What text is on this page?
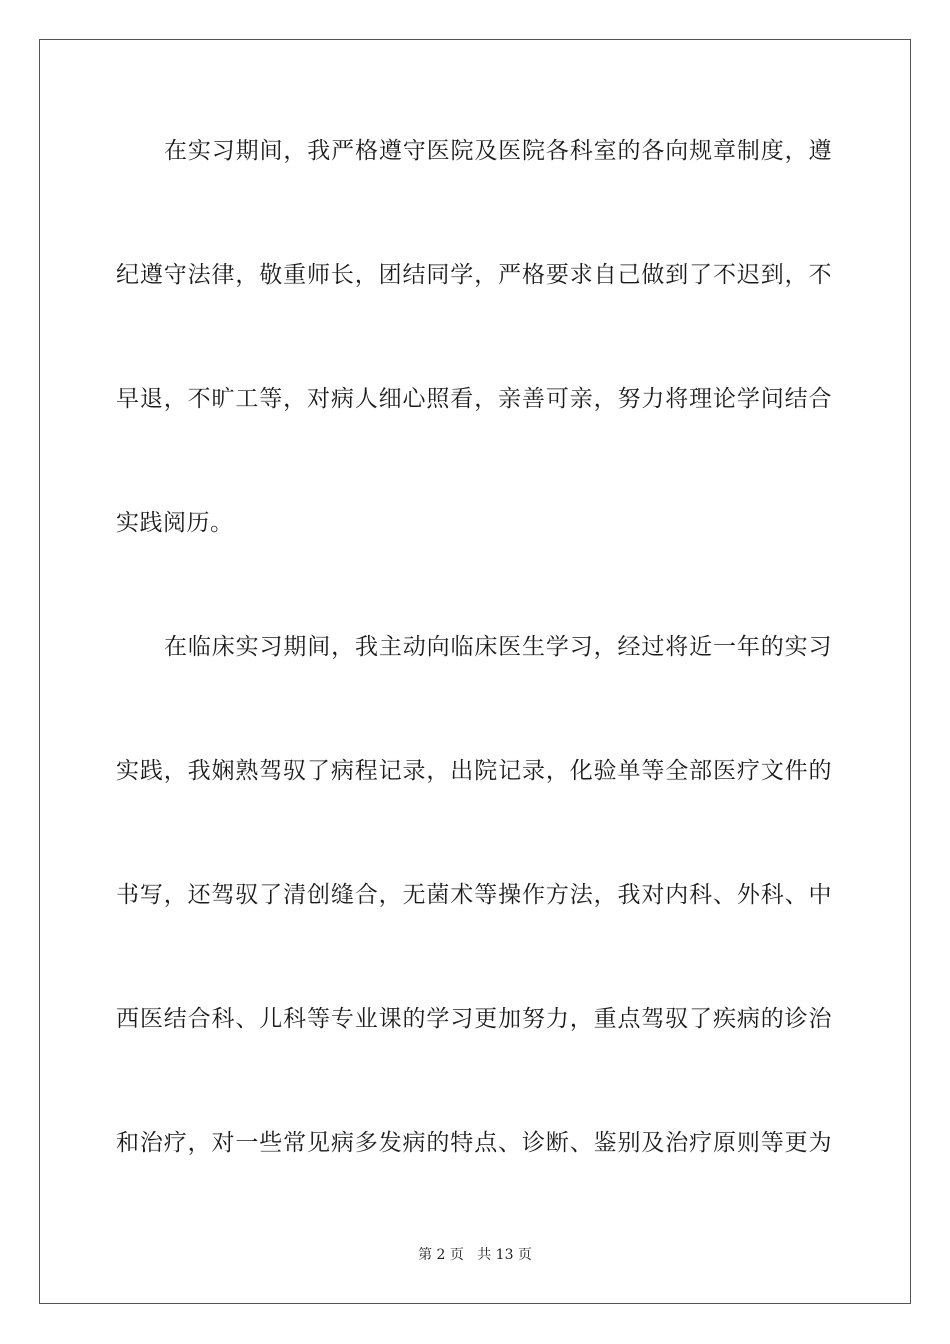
在实习期间，我严格遵守医院及医院各科室的各向规章制度，遵
纪遵守法律，敬重师长，团结同学，严格要求自己做到了不迟到，不
早退，不旷工等，对病人细心照看，亲善可亲，努力将理论学问结合
实践阅历。
在临床实习期间，我主动向临床医生学习，经过将近一年的实习
实践，我娴熟驾驭了病程记录，出院记录，化验单等全部医疗文件的
书写，还驾驭了清创缝合，无菌术等操作方法，我对内科、外科、中
西医结合科、儿科等专业课的学习更加努力，重点驾驭了疾病的诊治
和治疗，对一些常见病多发病的特点、诊断、鉴别及治疗原则等更为
第 2 页   共 13 页
